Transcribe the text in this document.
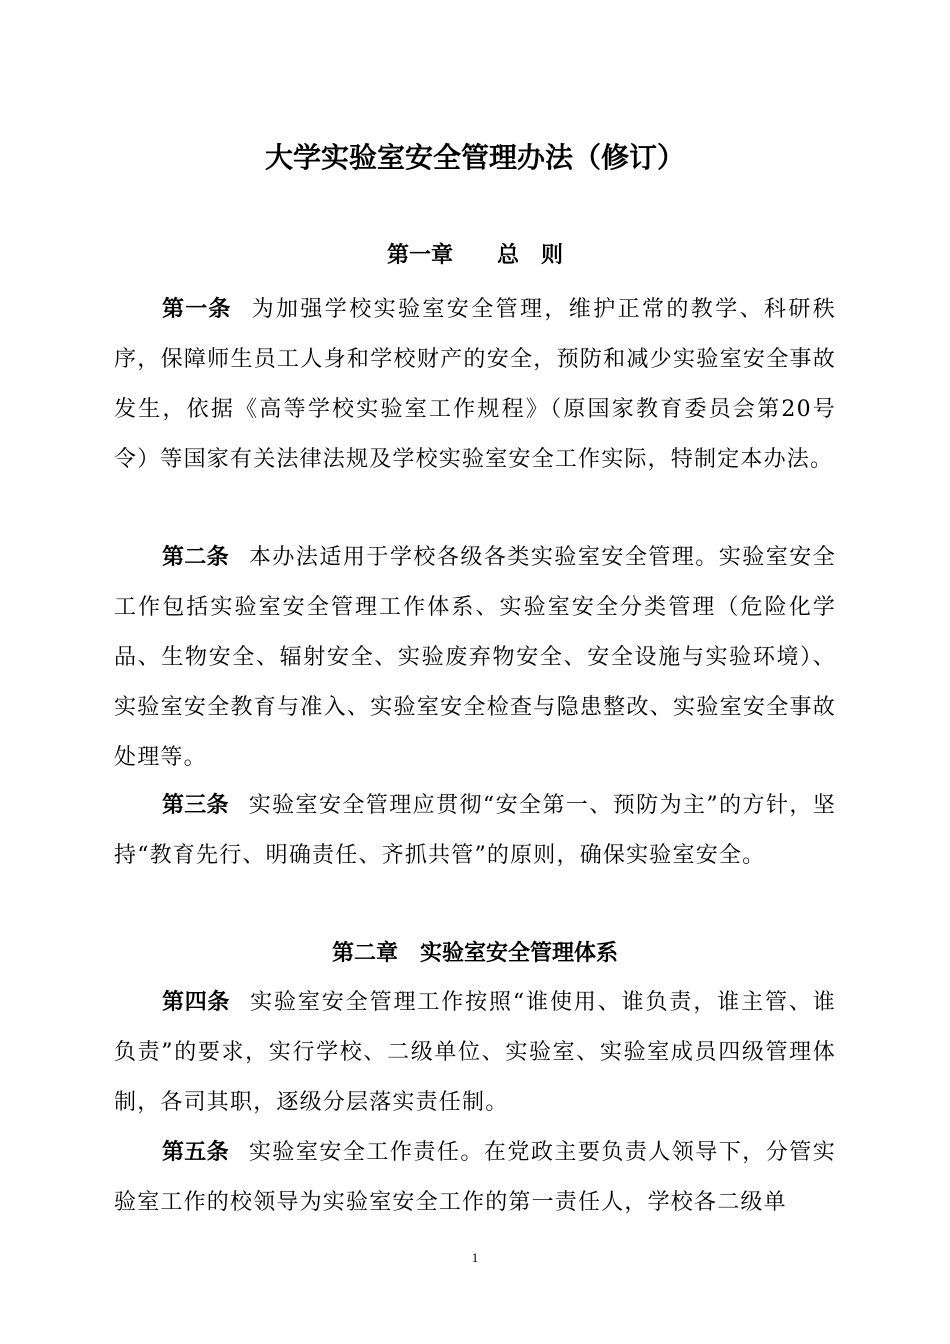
大学实验室安全管理办法（修订）
第一章　　总　则

第一条 为加强学校实验室安全管理，维护正常的教学、科研秩序，保障师生员工人身和学校财产的安全，预防和减少实验室安全事故发生，依据《高等学校实验室工作规程》（原国家教育委员会第20号令）等国家有关法律法规及学校实验室安全工作实际，特制定本办法。

第二条 本办法适用于学校各级各类实验室安全管理。实验室安全工作包括实验室安全管理工作体系、实验室安全分类管理（危险化学品、生物安全、辐射安全、实验废弃物安全、安全设施与实验环境）、实验室安全教育与准入、实验室安全检查与隐患整改、实验室安全事故处理等。

第三条 实验室安全管理应贯彻“安全第一、预防为主”的方针，坚持“教育先行、明确责任、齐抓共管”的原则，确保实验室安全。

第二章　实验室安全管理体系

第四条 实验室安全管理工作按照“谁使用、谁负责，谁主管、谁负责”的要求，实行学校、二级单位、实验室、实验室成员四级管理体制，各司其职，逐级分层落实责任制。

第五条 实验室安全工作责任。在党政主要负责人领导下，分管实验室工作的校领导为实验室安全工作的第一责任人，学校各二级单

1
